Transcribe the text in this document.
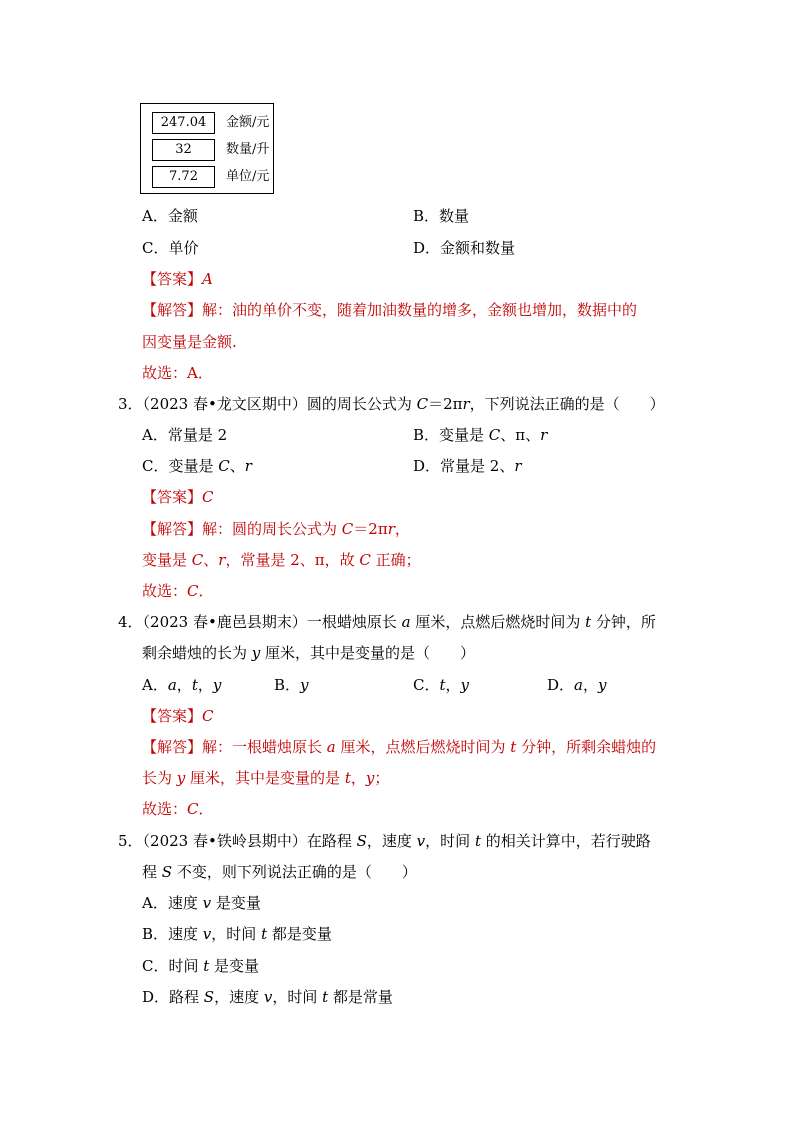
247.04	金额/元
32	数量/升
7.72	单位/元
A．金额	B．数量
C．单价	D．金额和数量
【答案】A
【解答】解：油的单价不变，随着加油数量的增多，金额也增加，数据中的
因变量是金额.
故选：A．
3．（2023 春•龙文区期中）圆的周长公式为 C＝2πr，下列说法正确的是（　　）
A．常量是 2	B．变量是 C、π、r
C．变量是 C、r	D．常量是 2、r
【答案】C
【解答】解：圆的周长公式为 C＝2πr，
变量是 C、r，常量是 2、π，故 C 正确；
故选：C．
4．（2023 春•鹿邑县期末）一根蜡烛原长 a 厘米，点燃后燃烧时间为 t 分钟，所
剩余蜡烛的长为 y 厘米，其中是变量的是（　　）
A．a，t，y	B．y	C．t，y	D．a，y
【答案】C
【解答】解：一根蜡烛原长 a 厘米，点燃后燃烧时间为 t 分钟，所剩余蜡烛的
长为 y 厘米，其中是变量的是 t，y；
故选：C．
5．（2023 春•铁岭县期中）在路程 S，速度 v，时间 t 的相关计算中，若行驶路
程 S 不变，则下列说法正确的是（　　）
A．速度 v 是变量
B．速度 v，时间 t 都是变量
C．时间 t 是变量
D．路程 S，速度 v，时间 t 都是常量
